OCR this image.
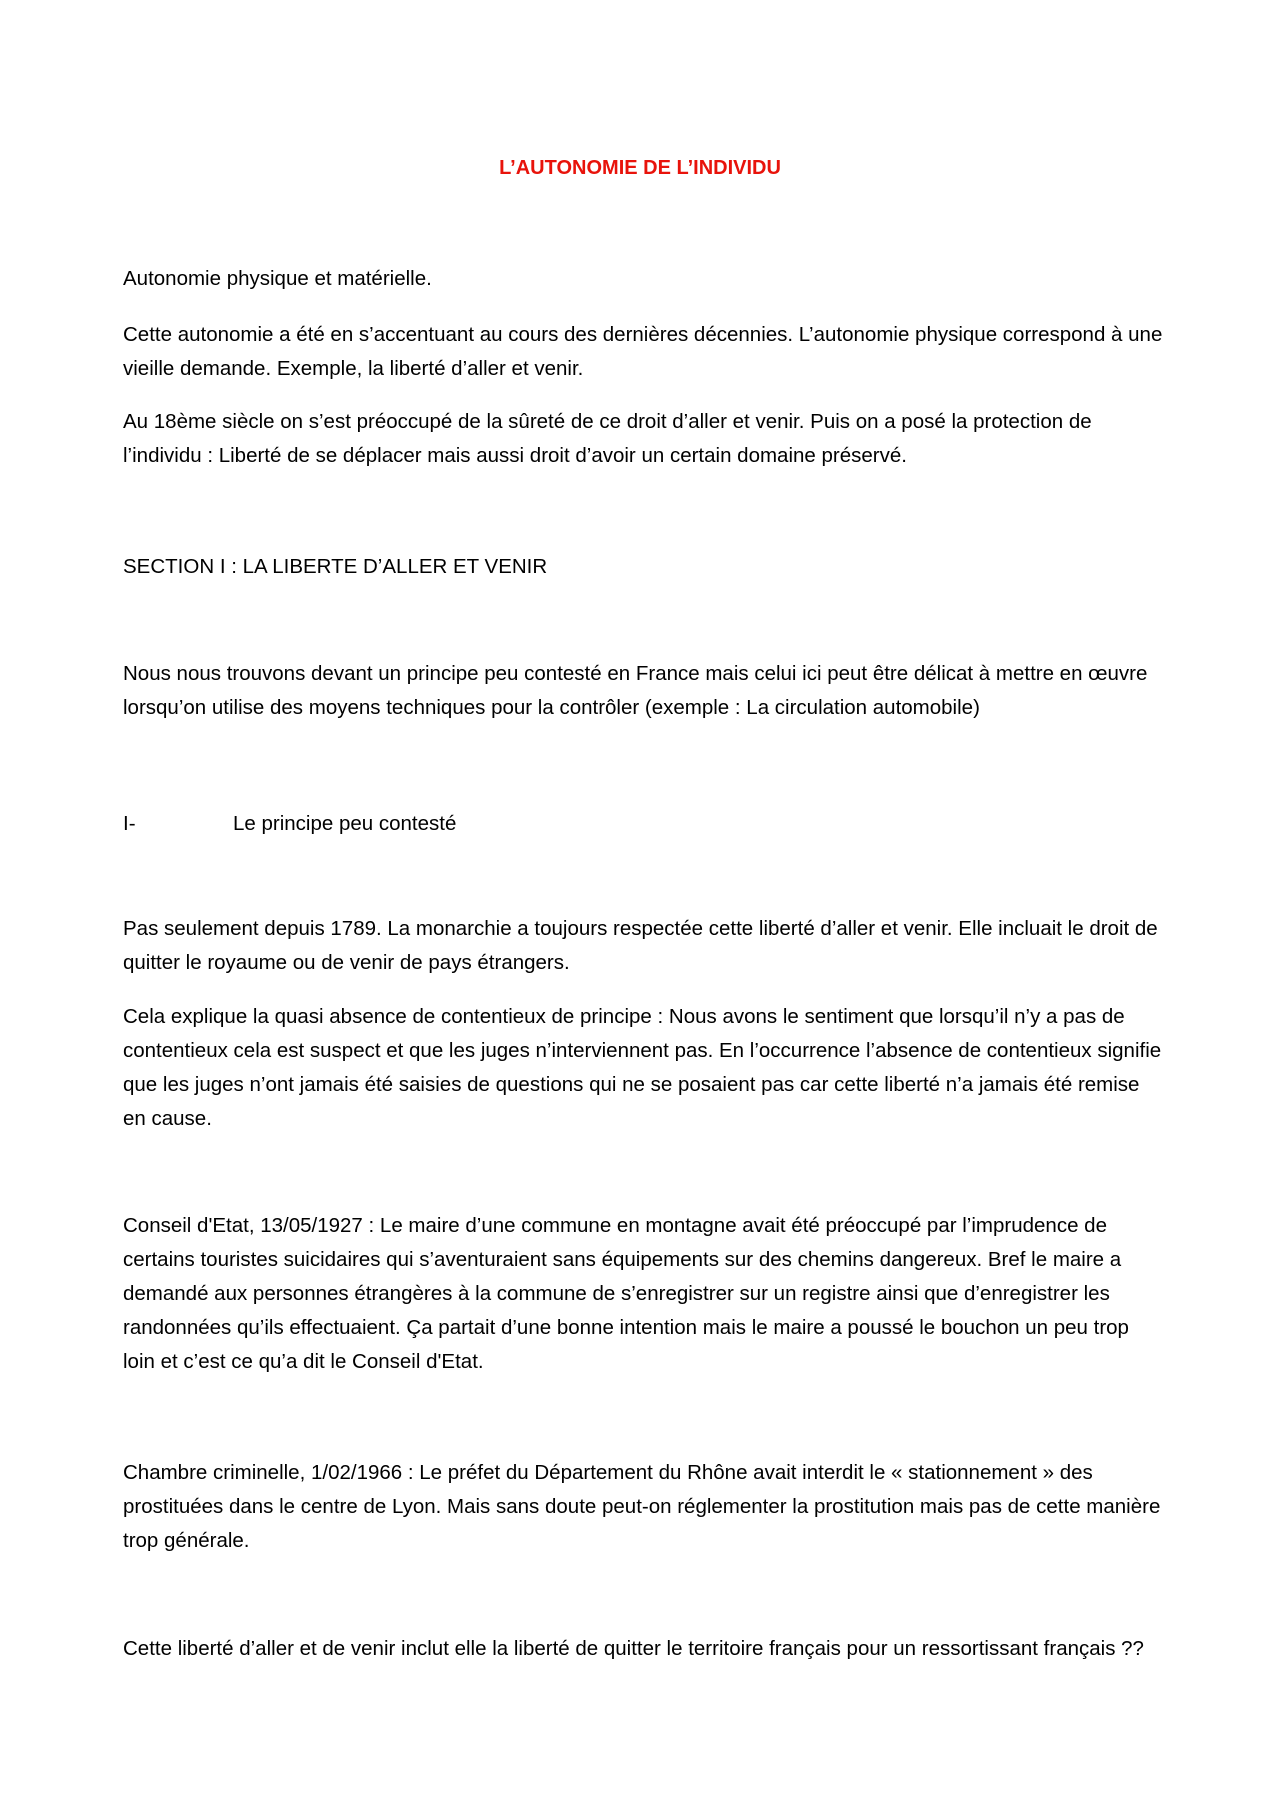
L’AUTONOMIE DE L’INDIVIDU

Autonomie physique et matérielle.

Cette autonomie a été en s’accentuant au cours des dernières décennies. L’autonomie physique correspond à une vieille demande. Exemple, la liberté d’aller et venir.

Au 18ème siècle on s’est préoccupé de la sûreté de ce droit d’aller et venir. Puis on a posé la protection de l’individu : Liberté de se déplacer mais aussi droit d’avoir un certain domaine préservé.

SECTION I : LA LIBERTE D’ALLER ET VENIR

Nous nous trouvons devant un principe peu contesté en France mais celui ici peut être délicat à mettre en œuvre lorsqu’on utilise des moyens techniques pour la contrôler (exemple : La circulation automobile)

I-	Le principe peu contesté

Pas seulement depuis 1789. La monarchie a toujours respectée cette liberté d’aller et venir. Elle incluait le droit de quitter le royaume ou de venir de pays étrangers.

Cela explique la quasi absence de contentieux de principe : Nous avons le sentiment que lorsqu’il n’y a pas de contentieux cela est suspect et que les juges n’interviennent pas. En l’occurrence l’absence de contentieux signifie que les juges n’ont jamais été saisies de questions qui ne se posaient pas car cette liberté n’a jamais été remise en cause.

Conseil d'Etat, 13/05/1927 : Le maire d’une commune en montagne avait été préoccupé par l’imprudence de certains touristes suicidaires qui s’aventuraient sans équipements sur des chemins dangereux. Bref le maire a demandé aux personnes étrangères à la commune de s’enregistrer sur un registre ainsi que d’enregistrer les randonnées qu’ils effectuaient. Ça partait d’une bonne intention mais le maire a poussé le bouchon un peu trop loin et c’est ce qu’a dit le Conseil d'Etat.

Chambre criminelle, 1/02/1966 : Le préfet du Département du Rhône avait interdit le « stationnement » des prostituées dans le centre de Lyon. Mais sans doute peut-on réglementer la prostitution mais pas de cette manière trop générale.

Cette liberté d’aller et de venir inclut elle la liberté de quitter le territoire français pour un ressortissant français ??
